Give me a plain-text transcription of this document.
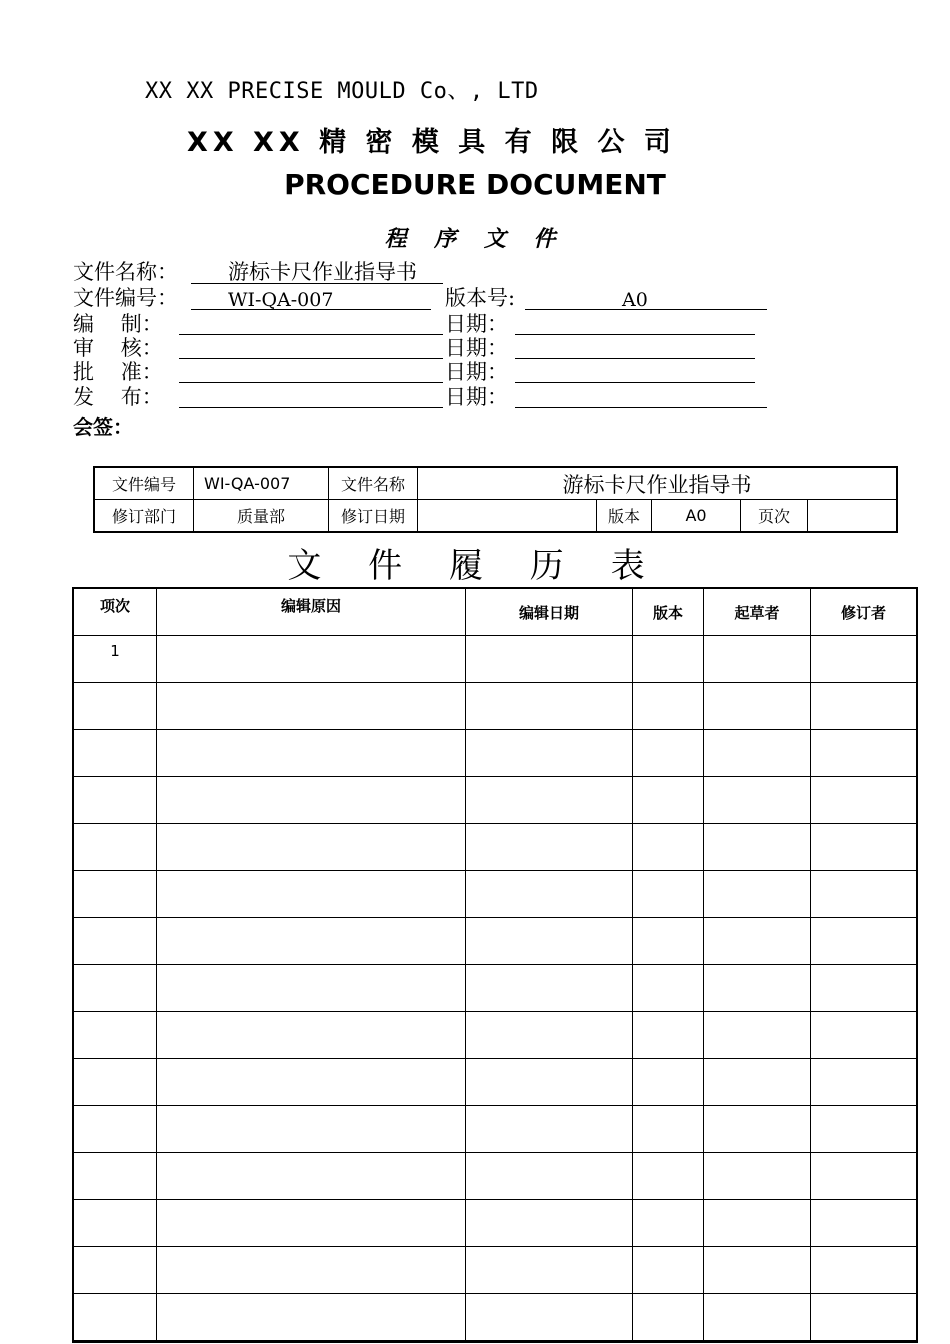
XX XX PRECISE MOULD Co、, LTD
XX XX 精 密 模 具 有 限 公 司
PROCEDURE DOCUMENT
程 序 文 件
文件名称： 游标卡尺作业指导书
文件编号：	WI-QA-007	版本号:	A0
编    制：	日期：
审    核：	日期：
批    准：	日期：
发    布：	日期：
会签：
文件编号	WI-QA-007	文件名称	游标卡尺作业指导书				
修订部门	质量部	修订日期		版本	A0	页次	
文 件 履 历 表
项次	编辑原因	编辑日期	版本	起草者	修订者
1					
